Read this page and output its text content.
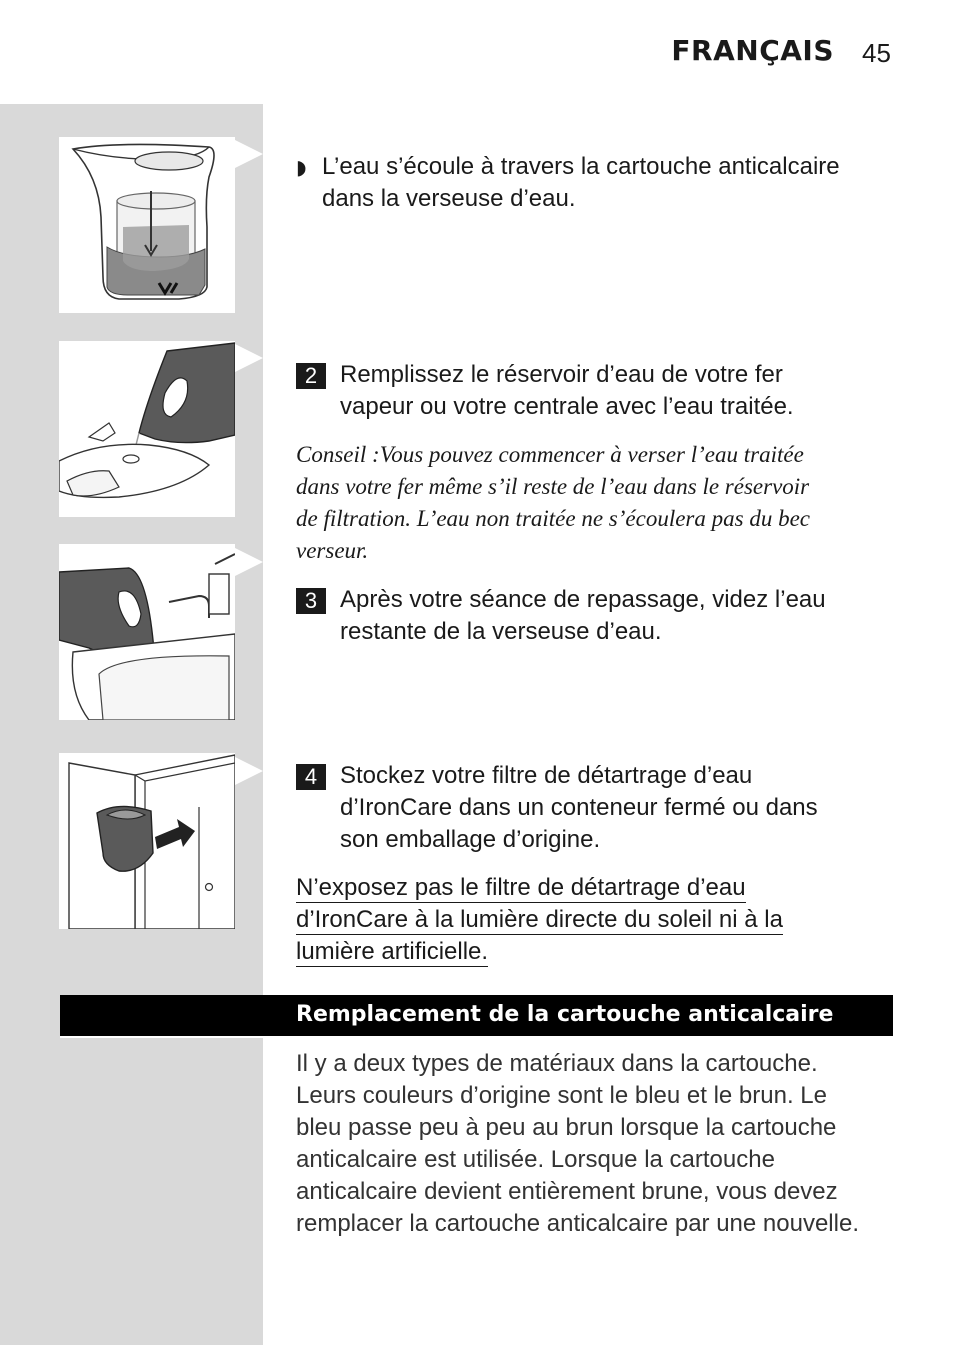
FRANÇAIS 45
◗ L’eau s’écoule à travers la cartouche anticalcaire
dans la verseuse d’eau.
2 Remplissez le réservoir d’eau de votre fer
vapeur ou votre centrale avec l’eau traitée.
Conseil :Vous pouvez commencer à verser l’eau traitée
dans votre fer même s’il reste de l’eau dans le réservoir
de filtration. L’eau non traitée ne s’écoulera pas du bec
verseur.
3 Après votre séance de repassage, videz l’eau
restante de la verseuse d’eau.
4 Stockez votre filtre de détartrage d’eau
d’IronCare dans un conteneur fermé ou dans
son emballage d’origine.
N’exposez pas le filtre de détartrage d’eau
d’IronCare à la lumière directe du soleil ni à la
lumière artificielle.
Remplacement de la cartouche anticalcaire
Il y a deux types de matériaux dans la cartouche.
Leurs couleurs d’origine sont le bleu et le brun. Le
bleu passe peu à peu au brun lorsque la cartouche
anticalcaire est utilisée. Lorsque la cartouche
anticalcaire devient entièrement brune, vous devez
remplacer la cartouche anticalcaire par une nouvelle.
